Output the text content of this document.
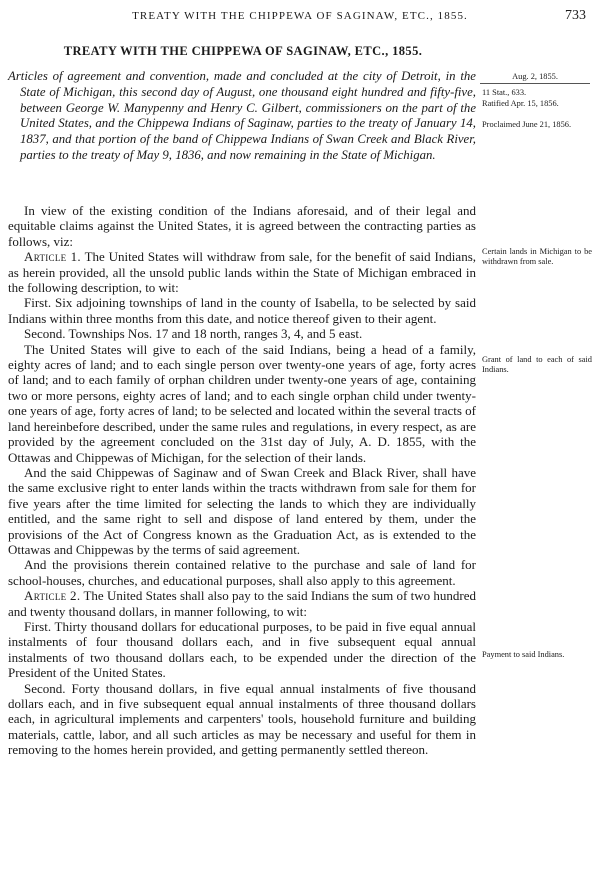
TREATY WITH THE CHIPPEWA OF SAGINAW, ETC., 1855.	733
TREATY WITH THE CHIPPEWA OF SAGINAW, ETC., 1855.
Aug. 2, 1855.
11 Stat., 633.
Ratified Apr. 15, 1856.
Proclaimed June 21, 1856.
Certain lands in Michigan to be withdrawn from sale.
Grant of land to each of said Indians.
Payment to said Indians.
Articles of agreement and convention, made and concluded at the city of Detroit, in the State of Michigan, this second day of August, one thousand eight hundred and fifty-five, between George W. Manypenny and Henry C. Gilbert, commissioners on the part of the United States, and the Chippewa Indians of Saginaw, parties to the treaty of January 14, 1837, and that portion of the band of Chippewa Indians of Swan Creek and Black River, parties to the treaty of May 9, 1836, and now remaining in the State of Michigan.

In view of the existing condition of the Indians aforesaid, and of their legal and equitable claims against the United States, it is agreed between the contracting parties as follows, viz:

Article 1. The United States will withdraw from sale, for the benefit of said Indians, as herein provided, all the unsold public lands within the State of Michigan embraced in the following description, to wit:

First. Six adjoining townships of land in the county of Isabella, to be selected by said Indians within three months from this date, and notice thereof given to their agent.

Second. Townships Nos. 17 and 18 north, ranges 3, 4, and 5 east.

The United States will give to each of the said Indians, being a head of a family, eighty acres of land; and to each single person over twenty-one years of age, forty acres of land; and to each family of orphan children under twenty-one years of age, containing two or more persons, eighty acres of land; and to each single orphan child under twenty-one years of age, forty acres of land; to be selected and located within the several tracts of land hereinbefore described, under the same rules and regulations, in every respect, as are provided by the agreement concluded on the 31st day of July, A. D. 1855, with the Ottawas and Chippewas of Michigan, for the selection of their lands.

And the said Chippewas of Saginaw and of Swan Creek and Black River, shall have the same exclusive right to enter lands within the tracts withdrawn from sale for them for five years after the time limited for selecting the lands to which they are individually entitled, and the same right to sell and dispose of land entered by them, under the provisions of the Act of Congress known as the Graduation Act, as is extended to the Ottawas and Chippewas by the terms of said agreement.

And the provisions therein contained relative to the purchase and sale of land for school-houses, churches, and educational purposes, shall also apply to this agreement.

Article 2. The United States shall also pay to the said Indians the sum of two hundred and twenty thousand dollars, in manner following, to wit:

First. Thirty thousand dollars for educational purposes, to be paid in five equal annual instalments of four thousand dollars each, and in five subsequent equal annual instalments of two thousand dollars each, to be expended under the direction of the President of the United States.

Second. Forty thousand dollars, in five equal annual instalments of five thousand dollars each, and in five subsequent equal annual instalments of three thousand dollars each, in agricultural implements and carpenters' tools, household furniture and building materials, cattle, labor, and all such articles as may be necessary and useful for them in removing to the homes herein provided, and getting permanently settled thereon.
